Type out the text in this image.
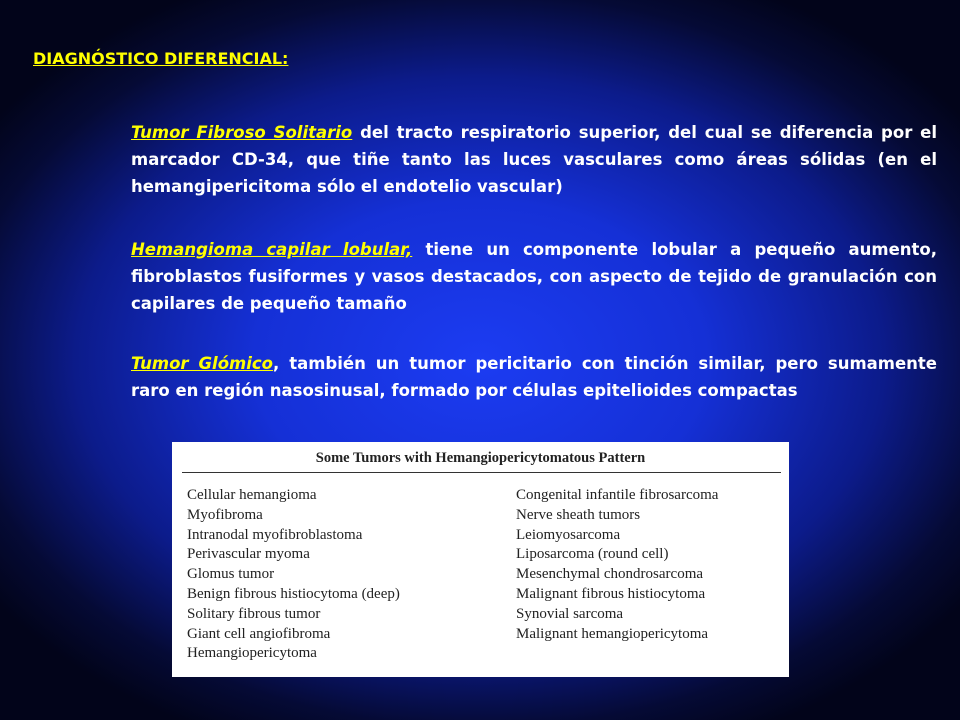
DIAGNÓSTICO DIFERENCIAL:

Tumor Fibroso Solitario del tracto respiratorio superior, del cual se diferencia por el marcador CD-34, que tiñe tanto las luces vasculares como áreas sólidas (en el hemangipericitoma sólo el endotelio vascular)

Hemangioma capilar lobular, tiene un componente lobular a pequeño aumento, fibroblastos fusiformes y vasos destacados, con aspecto de tejido de granulación con capilares de pequeño tamaño

Tumor Glómico, también un tumor pericitario con tinción similar, pero sumamente raro en región nasosinusal, formado por células epitelioides compactas

Some Tumors with Hemangiopericytomatous Pattern
Cellular hemangioma
Myofibroma
Intranodal myofibroblastoma
Perivascular myoma
Glomus tumor
Benign fibrous histiocytoma (deep)
Solitary fibrous tumor
Giant cell angiofibroma
Hemangiopericytoma
Congenital infantile fibrosarcoma
Nerve sheath tumors
Leiomyosarcoma
Liposarcoma (round cell)
Mesenchymal chondrosarcoma
Malignant fibrous histiocytoma
Synovial sarcoma
Malignant hemangiopericytoma
